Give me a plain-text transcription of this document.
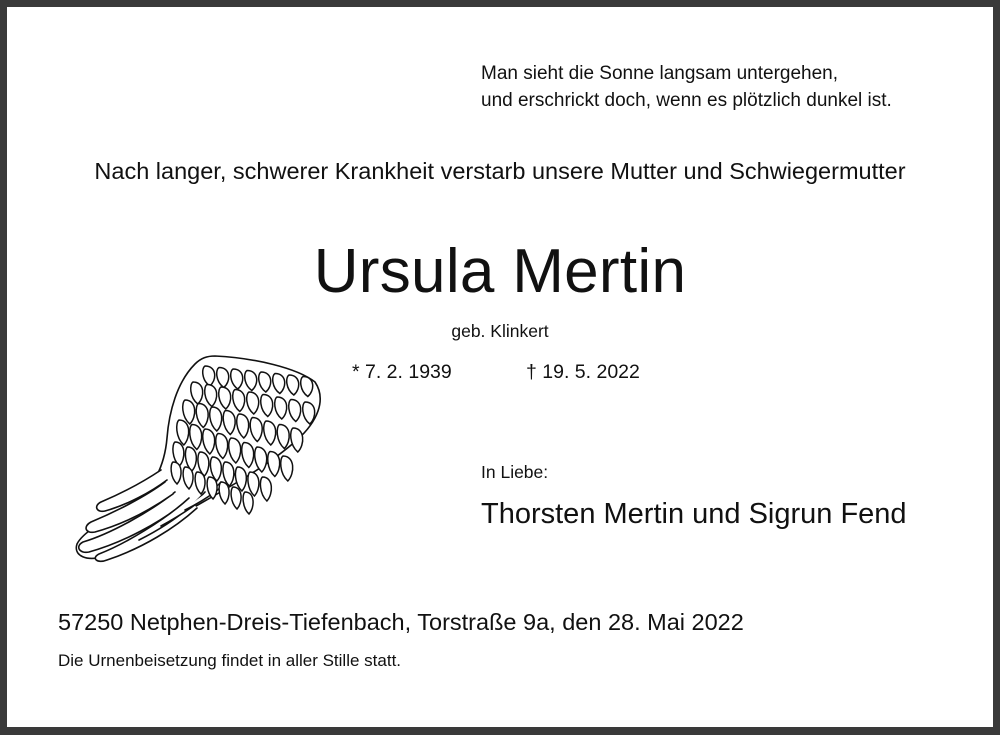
Man sieht die Sonne langsam untergehen,
und erschrickt doch, wenn es plötzlich dunkel ist.

Nach langer, schwerer Krankheit verstarb unsere Mutter und Schwiegermutter

Ursula Mertin

geb. Klinkert

* 7. 2. 1939	† 19. 5. 2022

In Liebe:

Thorsten Mertin und Sigrun Fend

57250 Netphen-Dreis-Tiefenbach, Torstraße 9a, den 28. Mai 2022

Die Urnenbeisetzung findet in aller Stille statt.
